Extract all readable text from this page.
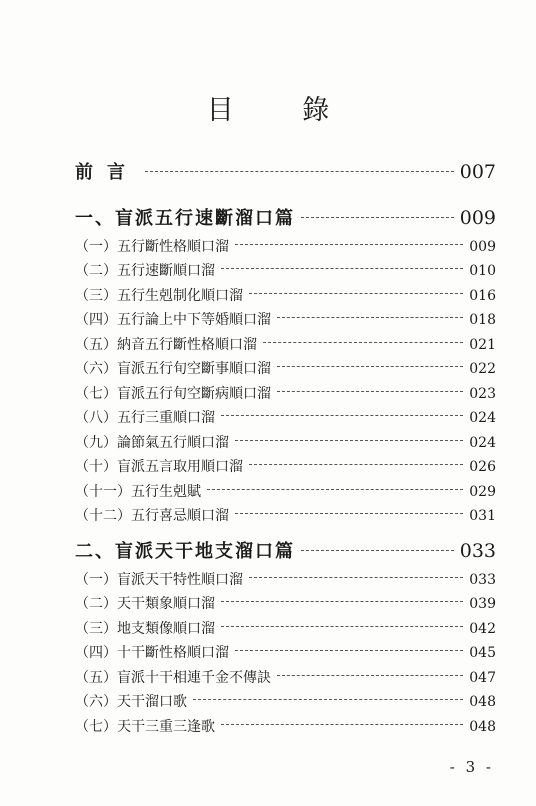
目 錄
前言	007
一、盲派五行速斷溜口篇	009
（一）五行斷性格順口溜	009
（二）五行速斷順口溜	010
（三）五行生剋制化順口溜	016
（四）五行論上中下等婚順口溜	018
（五）納音五行斷性格順口溜	021
（六）盲派五行旬空斷事順口溜	022
（七）盲派五行旬空斷病順口溜	023
（八）五行三重順口溜	024
（九）論節氣五行順口溜	024
（十）盲派五言取用順口溜	026
（十一）五行生剋賦	029
（十二）五行喜忌順口溜	031
二、盲派天干地支溜口篇	033
（一）盲派天干特性順口溜	033
（二）天干類象順口溜	039
（三）地支類像順口溜	042
（四）十干斷性格順口溜	045
（五）盲派十干相連千金不傳訣	047
（六）天干溜口歌	048
（七）天干三重三逢歌	048
- 3 -
